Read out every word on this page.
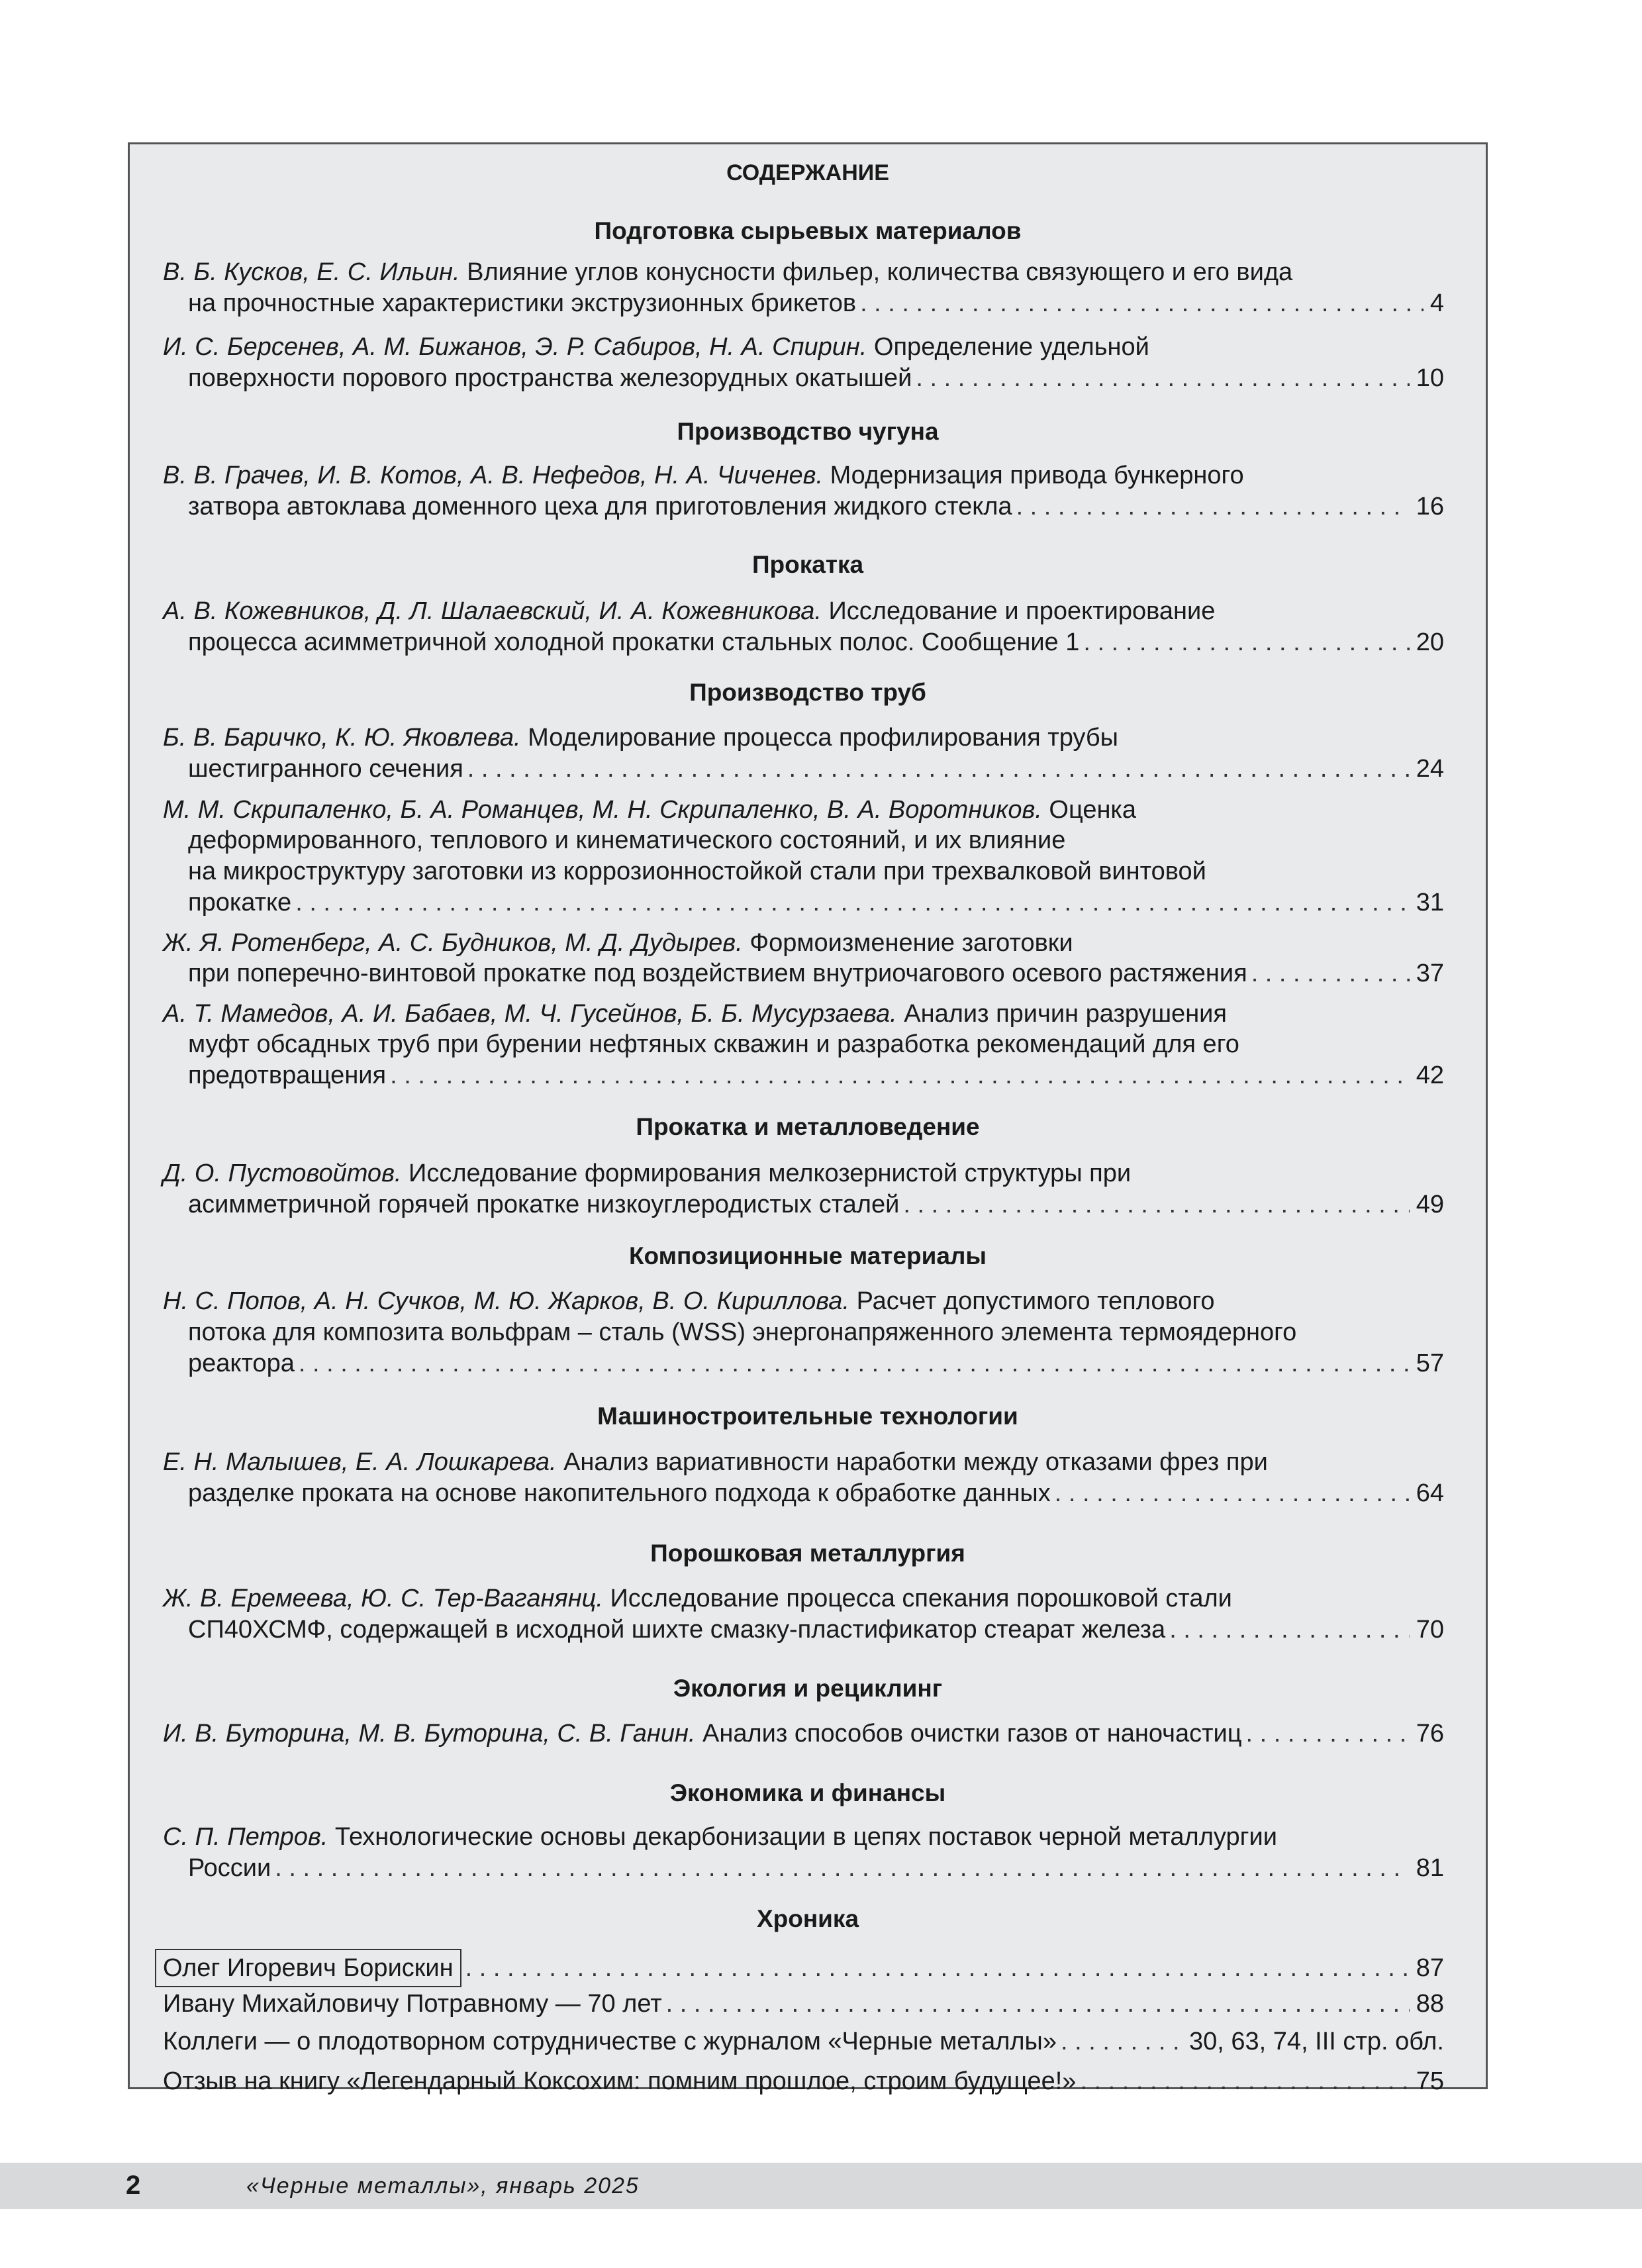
СОДЕРЖАНИЕ
Подготовка сырьевых материалов
В. Б. Кусков, Е. С. Ильин. Влияние углов конусности фильер, количества связующего и его вида
на прочностные характеристики экструзионных брикетов . . .	4
И. С. Берсенев, А. М. Бижанов, Э. Р. Сабиров, Н. А. Спирин. Определение удельной
поверхности порового пространства железорудных окатышей . . .	10
Производство чугуна
В. В. Грачев, И. В. Котов, А. В. Нефедов, Н. А. Чиченев. Модернизация привода бункерного
затвора автоклава доменного цеха для приготовления жидкого стекла . . .	16
Прокатка
А. В. Кожевников, Д. Л. Шалаевский, И. А. Кожевникова. Исследование и проектирование
процесса асимметричной холодной прокатки стальных полос. Сообщение 1 . . .	20
Производство труб
Б. В. Баричко, К. Ю. Яковлева. Моделирование процесса профилирования трубы
шестигранного сечения . . .	24
М. М. Скрипаленко, Б. А. Романцев, М. Н. Скрипаленко, В. А. Воротников. Оценка
деформированного, теплового и кинематического состояний, и их влияние
на микроструктуру заготовки из коррозионностойкой стали при трехвалковой винтовой
прокатке . . .	31
Ж. Я. Ротенберг, А. С. Будников, М. Д. Дудырев. Формоизменение заготовки
при поперечно-винтовой прокатке под воздействием внутриочагового осевого растяжения . . .	37
А. Т. Мамедов, А. И. Бабаев, М. Ч. Гусейнов, Б. Б. Мусурзаева. Анализ причин разрушения
муфт обсадных труб при бурении нефтяных скважин и разработка рекомендаций для его
предотвращения . . .	42
Прокатка и металловедение
Д. О. Пустовойтов. Исследование формирования мелкозернистой структуры при
асимметричной горячей прокатке низкоуглеродистых сталей . . .	49
Композиционные материалы
Н. С. Попов, А. Н. Сучков, М. Ю. Жарков, В. О. Кириллова. Расчет допустимого теплового
потока для композита вольфрам – сталь (WSS) энергонапряженного элемента термоядерного
реактора . . .	57
Машиностроительные технологии
Е. Н. Малышев, Е. А. Лошкарева. Анализ вариативности наработки между отказами фрез при
разделке проката на основе накопительного подхода к обработке данных . . .	64
Порошковая металлургия
Ж. В. Еремеева, Ю. С. Тер-Ваганянц. Исследование процесса спекания порошковой стали
СП40ХСМФ, содержащей в исходной шихте смазку-пластификатор стеарат железа . . .	70
Экология и рециклинг
И. В. Буторина, М. В. Буторина, С. В. Ганин. Анализ способов очистки газов от наночастиц . . .	76
Экономика и финансы
С. П. Петров. Технологические основы декарбонизации в цепях поставок черной металлургии
России . . .	81
Хроника
Олег Игоревич Борискин . . .	87
Ивану Михайловичу Потравному — 70 лет . . .	88
Коллеги — о плодотворном сотрудничестве с журналом «Черные металлы» . . .	30, 63, 74, III стр. обл.
Отзыв на книгу «Легендарный Коксохим: помним прошлое, строим будущее!» . . .	75
2	«Черные металлы», январь 2025
